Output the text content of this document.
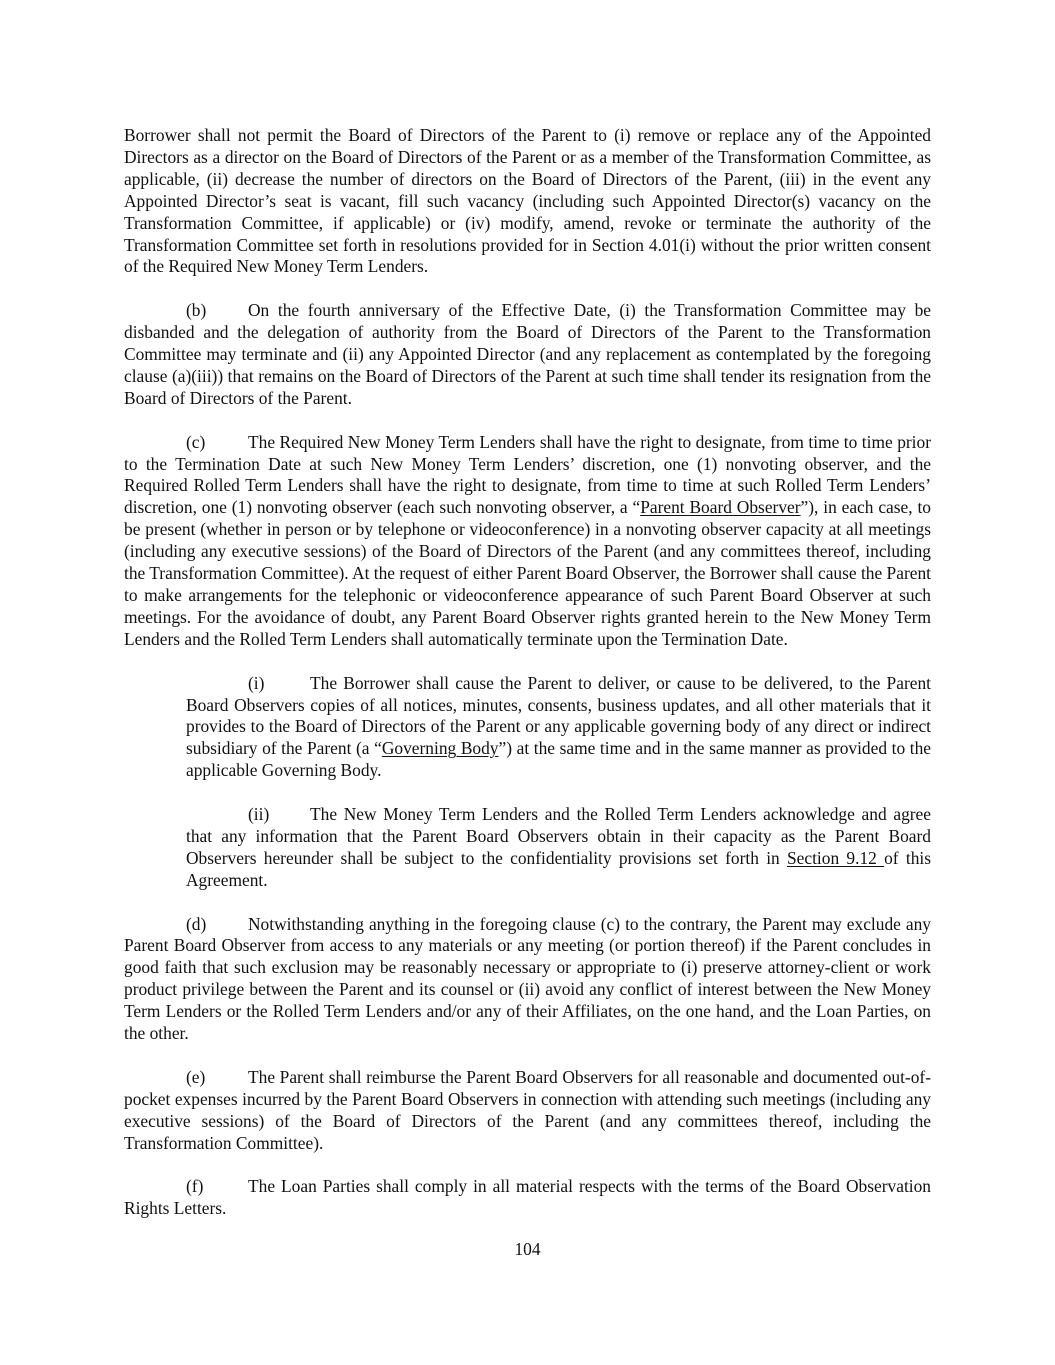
Borrower shall not permit the Board of Directors of the Parent to (i) remove or replace any of the Appointed Directors as a director on the Board of Directors of the Parent or as a member of the Transformation Committee, as applicable, (ii) decrease the number of directors on the Board of Directors of the Parent, (iii) in the event any Appointed Director’s seat is vacant, fill such vacancy (including such Appointed Director(s) vacancy on the Transformation Committee, if applicable) or (iv) modify, amend, revoke or terminate the authority of the Transformation Committee set forth in resolutions provided for in Section 4.01(i) without the prior written consent of the Required New Money Term Lenders.

(b) On the fourth anniversary of the Effective Date, (i) the Transformation Committee may be disbanded and the delegation of authority from the Board of Directors of the Parent to the Transformation Committee may terminate and (ii) any Appointed Director (and any replacement as contemplated by the foregoing clause (a)(iii)) that remains on the Board of Directors of the Parent at such time shall tender its resignation from the Board of Directors of the Parent.

(c) The Required New Money Term Lenders shall have the right to designate, from time to time prior to the Termination Date at such New Money Term Lenders’ discretion, one (1) nonvoting observer, and the Required Rolled Term Lenders shall have the right to designate, from time to time at such Rolled Term Lenders’ discretion, one (1) nonvoting observer (each such nonvoting observer, a “Parent Board Observer”), in each case, to be present (whether in person or by telephone or videoconference) in a nonvoting observer capacity at all meetings (including any executive sessions) of the Board of Directors of the Parent (and any committees thereof, including the Transformation Committee). At the request of either Parent Board Observer, the Borrower shall cause the Parent to make arrangements for the telephonic or videoconference appearance of such Parent Board Observer at such meetings. For the avoidance of doubt, any Parent Board Observer rights granted herein to the New Money Term Lenders and the Rolled Term Lenders shall automatically terminate upon the Termination Date.

(i)	The Borrower shall cause the Parent to deliver, or cause to be delivered, to the Parent Board Observers copies of all notices, minutes, consents, business updates, and all other materials that it provides to the Board of Directors of the Parent or any applicable governing body of any direct or indirect subsidiary of the Parent (a “Governing Body”) at the same time and in the same manner as provided to the applicable Governing Body.

(ii) The New Money Term Lenders and the Rolled Term Lenders acknowledge and agree that any information that the Parent Board Observers obtain in their capacity as the Parent Board Observers hereunder shall be subject to the confidentiality provisions set forth in Section 9.12 of this Agreement.

(d) Notwithstanding anything in the foregoing clause (c) to the contrary, the Parent may exclude any Parent Board Observer from access to any materials or any meeting (or portion thereof) if the Parent concludes in good faith that such exclusion may be reasonably necessary or appropriate to (i) preserve attorney-client or work product privilege between the Parent and its counsel or (ii) avoid any conflict of interest between the New Money Term Lenders or the Rolled Term Lenders and/or any of their Affiliates, on the one hand, and the Loan Parties, on the other.

(e) The Parent shall reimburse the Parent Board Observers for all reasonable and documented out-of-pocket expenses incurred by the Parent Board Observers in connection with attending such meetings (including any executive sessions) of the Board of Directors of the Parent (and any committees thereof, including the Transformation Committee).

(f)	The Loan Parties shall comply in all material respects with the terms of the Board Observation Rights Letters.

104
